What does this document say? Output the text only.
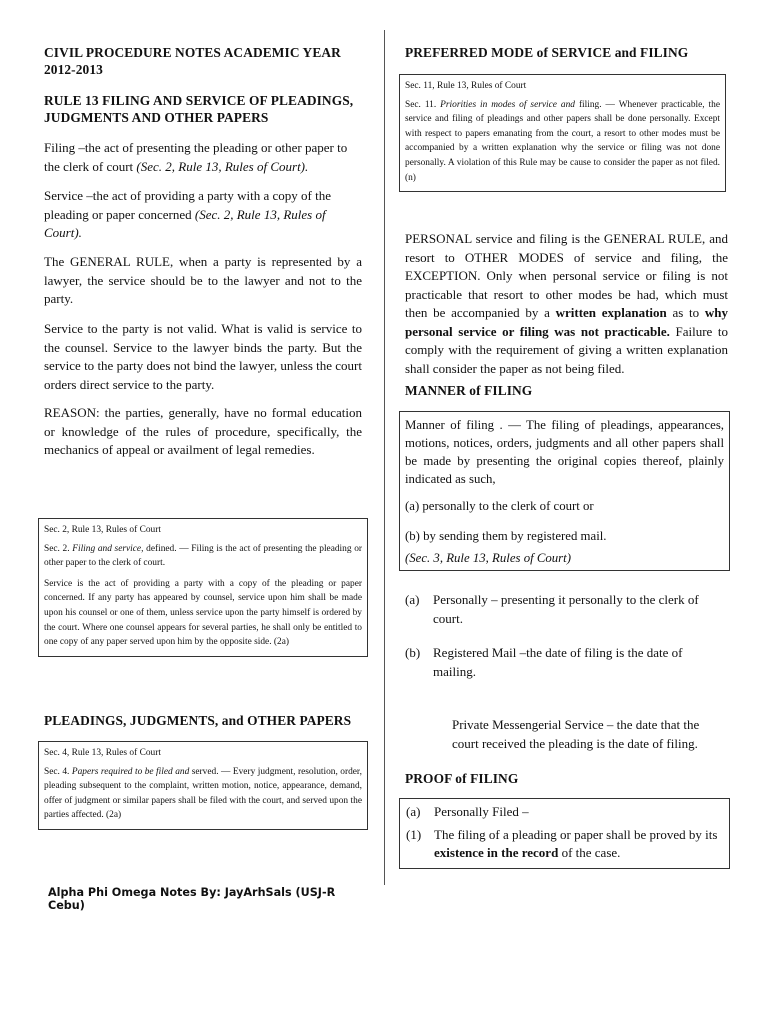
CIVIL PROCEDURE NOTES ACADEMIC YEAR 2012-2013
RULE 13 FILING AND SERVICE OF PLEADINGS, JUDGMENTS AND OTHER PAPERS

Filing –the act of presenting the pleading or other paper to the clerk of court (Sec. 2, Rule 13, Rules of Court).

Service –the act of providing a party with a copy of the pleading or paper concerned (Sec. 2, Rule 13, Rules of Court).

The GENERAL RULE, when a party is represented by a lawyer, the service should be to the lawyer and not to the party.

Service to the party is not valid. What is valid is service to the counsel. Service to the lawyer binds the party. But the service to the party does not bind the lawyer, unless the court orders direct service to the party.

REASON: the parties, generally, have no formal education or knowledge of the rules of procedure, specifically, the mechanics of appeal or availment of legal remedies.

Sec. 2, Rule 13, Rules of Court

Sec. 2. Filing and service, defined. — Filing is the act of presenting the pleading or other paper to the clerk of court.

Service is the act of providing a party with a copy of the pleading or paper concerned. If any party has appeared by counsel, service upon him shall be made upon his counsel or one of them, unless service upon the party himself is ordered by the court. Where one counsel appears for several parties, he shall only be entitled to one copy of any paper served upon him by the opposite side. (2a)

PLEADINGS, JUDGMENTS, and OTHER PAPERS

Sec. 4, Rule 13, Rules of Court

Sec. 4. Papers required to be filed and served. — Every judgment, resolution, order, pleading subsequent to the complaint, written motion, notice, appearance, demand, offer of judgment or similar papers shall be filed with the court, and served upon the parties affected. (2a)

Alpha Phi Omega Notes By: JayArhSals (USJ-R Cebu)
PREFERRED MODE of SERVICE and FILING

Sec. 11, Rule 13, Rules of Court

Sec. 11. Priorities in modes of service and filing. — Whenever practicable, the service and filing of pleadings and other papers shall be done personally. Except with respect to papers emanating from the court, a resort to other modes must be accompanied by a written explanation why the service or filing was not done personally. A violation of this Rule may be cause to consider the paper as not filed. (n)

PERSONAL service and filing is the GENERAL RULE, and resort to OTHER MODES of service and filing, the EXCEPTION. Only when personal service or filing is not practicable that resort to other modes be had, which must then be accompanied by a written explanation as to why personal service or filing was not practicable. Failure to comply with the requirement of giving a written explanation shall consider the paper as not being filed.

MANNER of FILING

Manner of filing . — The filing of pleadings, appearances, motions, notices, orders, judgments and all other papers shall be made by presenting the original copies thereof, plainly indicated as such,

(a) personally to the clerk of court or

(b) by sending them by registered mail.

(Sec. 3, Rule 13, Rules of Court)

(a)	Personally – presenting it personally to the clerk of court.
(b) Registered Mail –the date of filing is the date of mailing.

Private Messengerial Service – the date that the court received the pleading is the date of filing.

PROOF of FILING
(a)	Personally Filed –
(1) The filing of a pleading or paper shall be proved by its existence in the record of the case.
